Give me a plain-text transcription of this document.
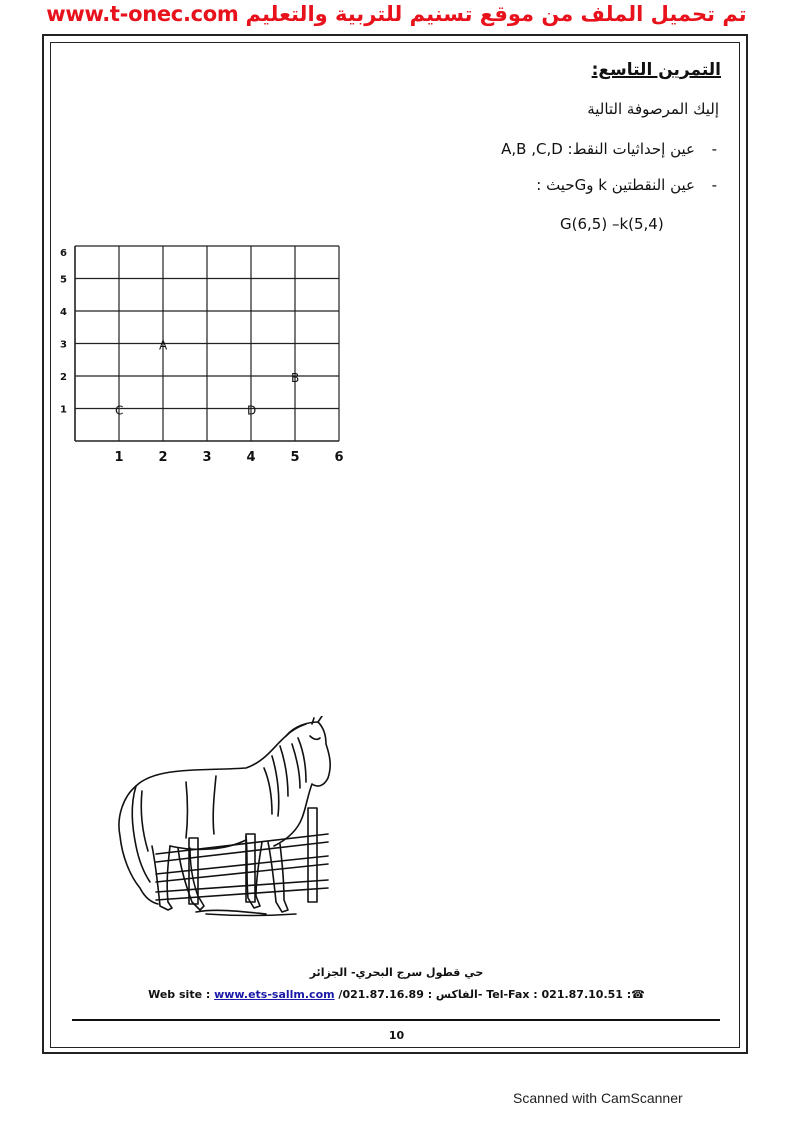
www.t-onec.com تم تحميل الملف من موقع تسنيم للتربية والتعليم
التمرين التاسع:
إليك المرصوفة التالية
-
عين إحداثيات النقط: A,B ,C,D
-
عين النقطتين k وGحيث :
G(6,5) –k(5,4)
1	2	3	4	5	6
1
2
3
4
5
6
A
B
C	D
حي قطول سرج البحري- الجزائر
Web site : www.ets-sallm.com /021.87.16.89 : الفاكس- Tel-Fax : 021.87.10.51 :☎
10
Scanned with CamScanner
